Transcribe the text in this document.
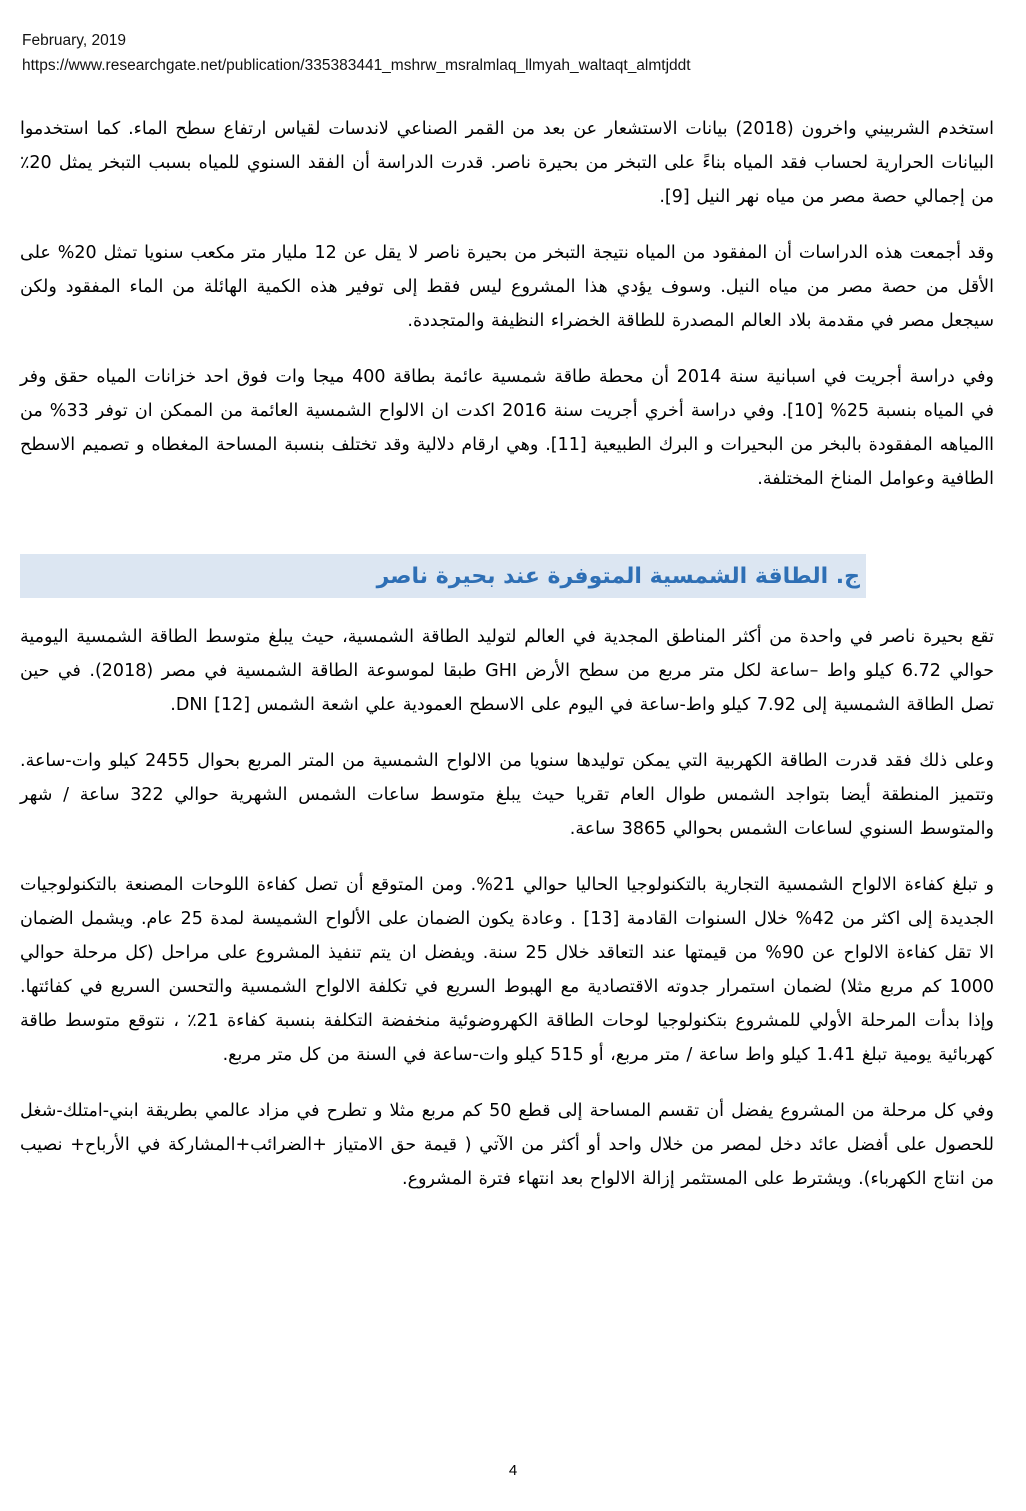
February, 2019
https://www.researchgate.net/publication/335383441_mshrw_msralmlaq_llmyah_waltaqt_almtjddt

استخدم الشربيني واخرون (2018) بيانات الاستشعار عن بعد من القمر الصناعي لاندسات لقياس ارتفاع سطح الماء. كما استخدموا البيانات الحرارية لحساب فقد المياه بناءً على التبخر من بحيرة ناصر. قدرت الدراسة أن الفقد السنوي للمياه بسبب التبخر يمثل 20٪ من إجمالي حصة مصر من مياه نهر النيل [9].

وقد أجمعت هذه الدراسات أن المفقود من المياه نتيجة التبخر من بحيرة ناصر لا يقل عن 12 مليار متر مكعب سنويا تمثل 20% على الأقل من حصة مصر من مياه النيل. وسوف يؤدي هذا المشروع ليس فقط إلى توفير هذه الكمية الهائلة من الماء المفقود ولكن سيجعل مصر في مقدمة بلاد العالم المصدرة للطاقة الخضراء النظيفة والمتجددة.

وفي دراسة أجريت في اسبانية سنة 2014 أن محطة طاقة شمسية عائمة بطاقة 400 ميجا وات فوق احد خزانات المياه حقق وفر في المياه بنسبة 25% [10]. وفي دراسة أخري أجريت سنة 2016 اكدت ان الالواح الشمسية العائمة من الممكن ان توفر 33% من االمياهه المفقودة بالبخر من البحيرات و البرك الطبيعية [11]. وهي ارقام دلالية وقد تختلف بنسبة المساحة المغطاه و تصميم الاسطح الطافية وعوامل المناخ المختلفة.

ج. الطاقة الشمسية المتوفرة عند بحيرة ناصر

تقع بحيرة ناصر في واحدة من أكثر المناطق المجدية في العالم لتوليد الطاقة الشمسية، حيث يبلغ متوسط الطاقة الشمسية اليومية حوالي 6.72 كيلو واط –ساعة لكل متر مربع من سطح الأرض GHI طبقا لموسوعة الطاقة الشمسية في مصر (2018). في حين تصل الطاقة الشمسية إلى 7.92 كيلو واط-ساعة في اليوم على الاسطح العمودية علي اشعة الشمس DNI [12].

وعلى ذلك فقد قدرت الطاقة الكهربية التي يمكن توليدها سنويا من الالواح الشمسية من المتر المربع بحوال 2455 كيلو وات-ساعة. وتتميز المنطقة أيضا بتواجد الشمس طوال العام تقريا حيث يبلغ متوسط ساعات الشمس الشهرية حوالي 322 ساعة / شهر والمتوسط السنوي لساعات الشمس بحوالي 3865 ساعة.

و تبلغ كفاءة الالواح الشمسية التجارية بالتكنولوجيا الحاليا حوالي 21%. ومن المتوقع أن تصل كفاءة اللوحات المصنعة بالتكنولوجيات الجديدة إلى اكثر من 42% خلال السنوات القادمة [13] . وعادة يكون الضمان على الألواح الشميسة لمدة 25 عام. ويشمل الضمان الا تقل كفاءة الالواح عن 90% من قيمتها عند التعاقد خلال 25 سنة. ويفضل ان يتم تنفيذ المشروع على مراحل (كل مرحلة حوالي 1000 كم مربع مثلا) لضمان استمرار جدوته الاقتصادية مع الهبوط السريع في تكلفة الالواح الشمسية والتحسن السريع في كفائتها. وإذا بدأت المرحلة الأولي للمشروع بتكنولوجيا لوحات الطاقة الكهروضوئية منخفضة التكلفة بنسبة كفاءة 21٪ ، نتوقع متوسط طاقة كهربائية يومية تبلغ 1.41 كيلو واط ساعة / متر مربع، أو 515 كيلو وات-ساعة في السنة من كل متر مربع.

وفي كل مرحلة من المشروع يفضل أن تقسم المساحة إلى قطع 50 كم مربع مثلا و تطرح في مزاد عالمي بطريقة ابني-امتلك-شغل للحصول على أفضل عائد دخل لمصر من خلال واحد أو أكثر من الآتي ( قيمة حق الامتياز +الضرائب+المشاركة في الأرباح+ نصيب من انتاج الكهرباء). ويشترط على المستثمر إزالة الالواح بعد انتهاء فترة المشروع.

4
